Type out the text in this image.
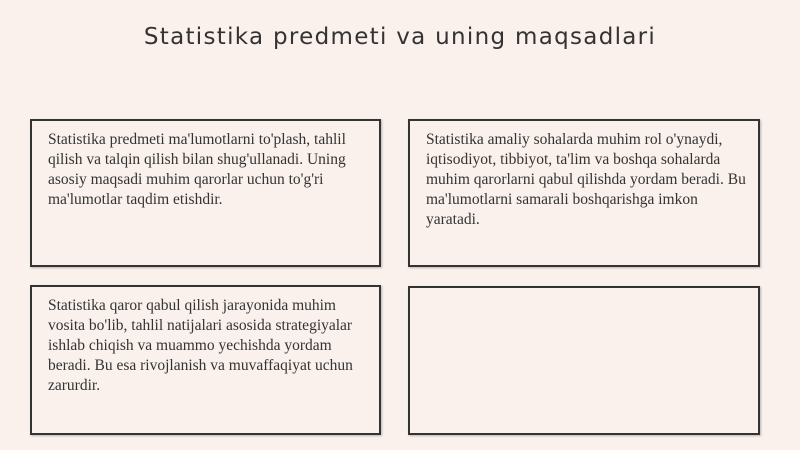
Statistika predmeti va uning maqsadlari

Statistika predmeti ma'lumotlarni to'plash, tahlil qilish va talqin qilish bilan shug'ullanadi. Uning asosiy maqsadi muhim qarorlar uchun to'g'ri ma'lumotlar taqdim etishdir.

Statistika amaliy sohalarda muhim rol o'ynaydi, iqtisodiyot, tibbiyot, ta'lim va boshqa sohalarda muhim qarorlarni qabul qilishda yordam beradi. Bu ma'lumotlarni samarali boshqarishga imkon yaratadi.

Statistika qaror qabul qilish jarayonida muhim vosita bo'lib, tahlil natijalari asosida strategiyalar ishlab chiqish va muammo yechishda yordam beradi. Bu esa rivojlanish va muvaffaqiyat uchun zarurdir.
